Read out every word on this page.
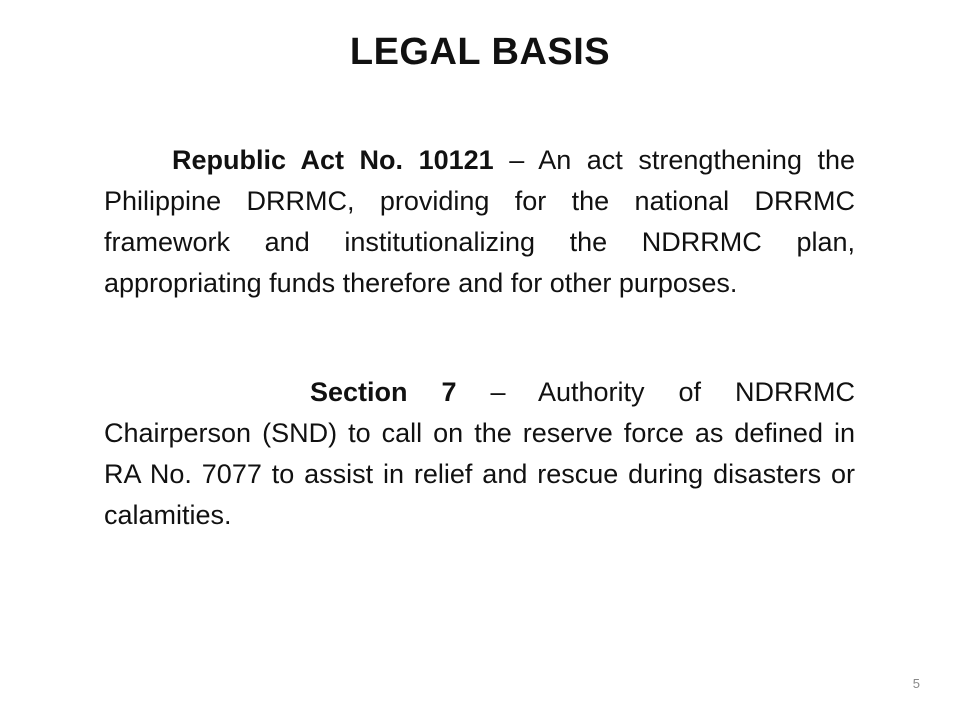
LEGAL BASIS

Republic Act No. 10121 – An act strengthening the Philippine DRRMC, providing for the national DRRMC framework and institutionalizing the NDRRMC plan, appropriating funds therefore and for other purposes.

Section 7 – Authority of NDRRMC Chairperson (SND) to call on the reserve force as defined in RA No. 7077 to assist in relief and rescue during disasters or calamities.

5
